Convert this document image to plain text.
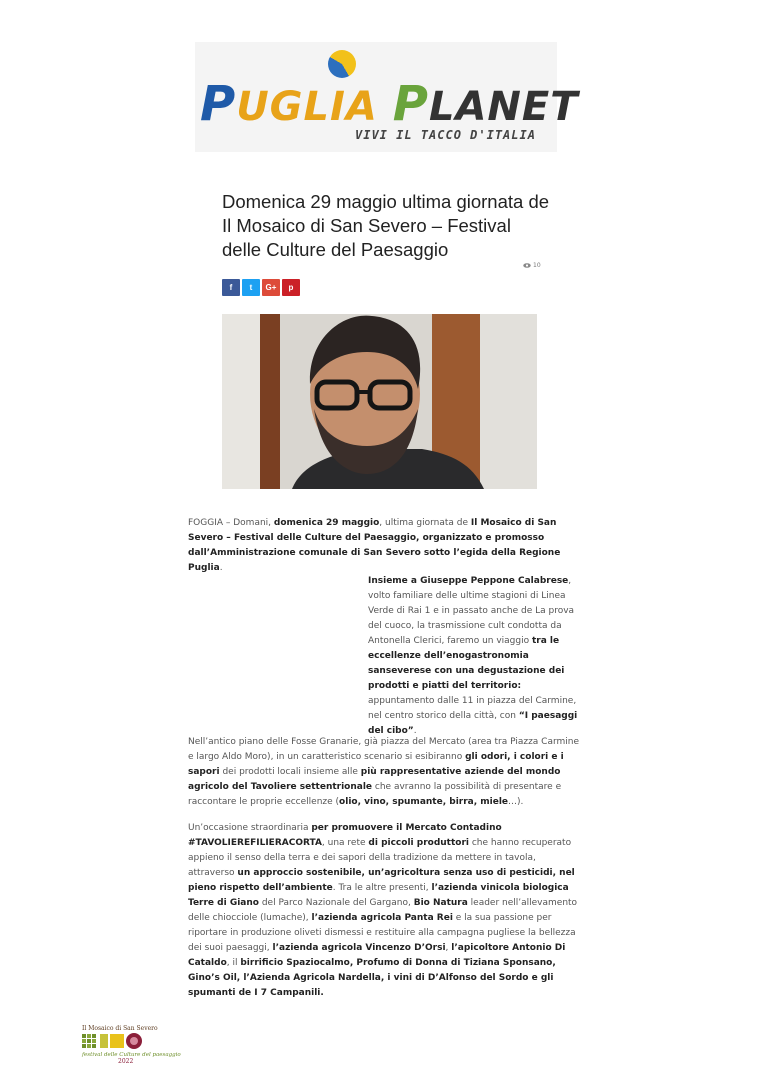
PUGLIA PLANET
VIVI IL TACCO D'ITALIA
Domenica 29 maggio ultima giornata de Il Mosaico di San Severo – Festival delle Culture del Paesaggio
10
f	t	G+	p

FOGGIA – Domani, domenica 29 maggio, ultima giornata de Il Mosaico di San Severo – Festival delle Culture del Paesaggio, organizzato e promosso dall’Amministrazione comunale di San Severo sotto l’egida della Regione Puglia.

Insieme a Giuseppe Peppone Calabrese, volto familiare delle ultime stagioni di Linea Verde di Rai 1 e in passato anche de La prova del cuoco, la trasmissione cult condotta da Antonella Clerici, faremo un viaggio tra le eccellenze dell’enogastronomia sanseverese con una degustazione dei prodotti e piatti del territorio: appuntamento dalle 11 in piazza del Carmine, nel centro storico della città, con “I paesaggi del cibo”.

Nell’antico piano delle Fosse Granarie, già piazza del Mercato (area tra Piazza Carmine e largo Aldo Moro), in un caratteristico scenario si esibiranno gli odori, i colori e i sapori dei prodotti locali insieme alle più rappresentative aziende del mondo agricolo del Tavoliere settentrionale che avranno la possibilità di presentare e raccontare le proprie eccellenze (olio, vino, spumante, birra, miele…).

Un’occasione straordinaria per promuovere il Mercato Contadino #TAVOLIEREFILIERACORTA, una rete di piccoli produttori che hanno recuperato appieno il senso della terra e dei sapori della tradizione da mettere in tavola, attraverso un approccio sostenibile, un’agricoltura senza uso di pesticidi, nel pieno rispetto dell’ambiente. Tra le altre presenti, l’azienda vinicola biologica Terre di Giano del Parco Nazionale del Gargano, Bio Natura leader nell’allevamento delle chiocciole (lumache), l’azienda agricola Panta Rei e la sua passione per riportare in produzione oliveti dismessi e restituire alla campagna pugliese la bellezza dei suoi paesaggi, l’azienda agricola Vincenzo D’Orsi, l’apicoltore Antonio Di Cataldo, il birrificio Spaziocalmo, Profumo di Donna di Tiziana Sponsano, Gino’s Oil, l’Azienda Agricola Nardella, i vini di D’Alfonso del Sordo e gli spumanti de I 7 Campanili.

Il Mosaico di San Severo
festival delle Culture del paesaggio
2022
